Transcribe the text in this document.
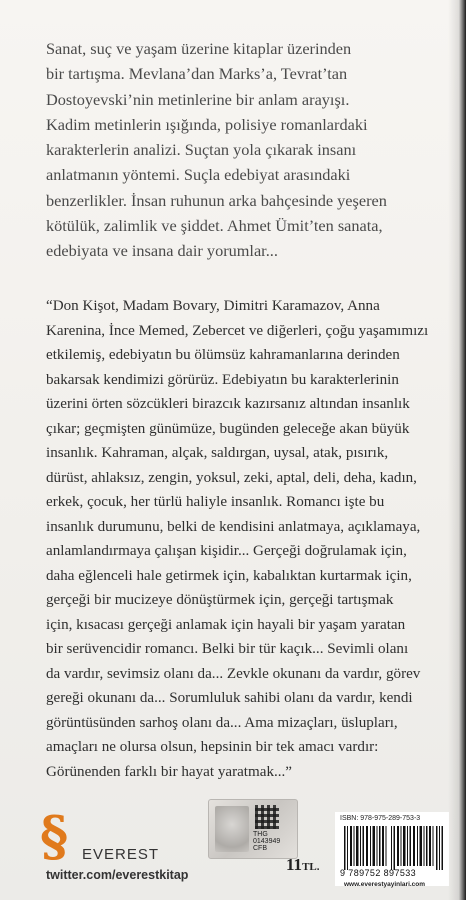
Sanat, suç ve yaşam üzerine kitaplar üzerinden
bir tartışma. Mevlana’dan Marks’a, Tevrat’tan
Dostoyevski’nin metinlerine bir anlam arayışı.
Kadim metinlerin ışığında, polisiye romanlardaki
karakterlerin analizi. Suçtan yola çıkarak insanı
anlatmanın yöntemi. Suçla edebiyat arasındaki
benzerlikler. İnsan ruhunun arka bahçesinde yeşeren
kötülük, zalimlik ve şiddet. Ahmet Ümit’ten sanata,
edebiyata ve insana dair yorumlar...
“Don Kişot, Madam Bovary, Dimitri Karamazov, Anna
Karenina, İnce Memed, Zebercet ve diğerleri, çoğu yaşamımızı
etkilemiş, edebiyatın bu ölümsüz kahramanlarına derinden
bakarsak kendimizi görürüz. Edebiyatın bu karakterlerinin
üzerini örten sözcükleri birazcık kazırsanız altından insanlık
çıkar; geçmişten günümüze, bugünden geleceğe akan büyük
insanlık. Kahraman, alçak, saldırgan, uysal, atak, pısırık,
dürüst, ahlaksız, zengin, yoksul, zeki, aptal, deli, deha, kadın,
erkek, çocuk, her türlü haliyle insanlık. Romancı işte bu
insanlık durumunu, belki de kendisini anlatmaya, açıklamaya,
anlamlandırmaya çalışan kişidir... Gerçeği doğrulamak için,
daha eğlenceli hale getirmek için, kabalıktan kurtarmak için,
gerçeği bir mucizeye dönüştürmek için, gerçeği tartışmak
için, kısacası gerçeği anlamak için hayali bir yaşam yaratan
bir serüvencidir romancı. Belki bir tür kaçık... Sevimli olanı
da vardır, sevimsiz olanı da... Zevkle okunanı da vardır, görev
gereği okunanı da... Sorumluluk sahibi olanı da vardır, kendi
görüntüsünden sarhoş olanı da... Ama mizaçları, üslupları,
amaçları ne olursa olsun, hepsinin bir tek amacı vardır:
Görünenden farklı bir hayat yaratmak...”
§ EVEREST
twitter.com/everestkitap
THG
0143949
CFB
11TL.
ISBN: 978-975-289-753-3
9 789752 897533
www.everestyayinlari.com
